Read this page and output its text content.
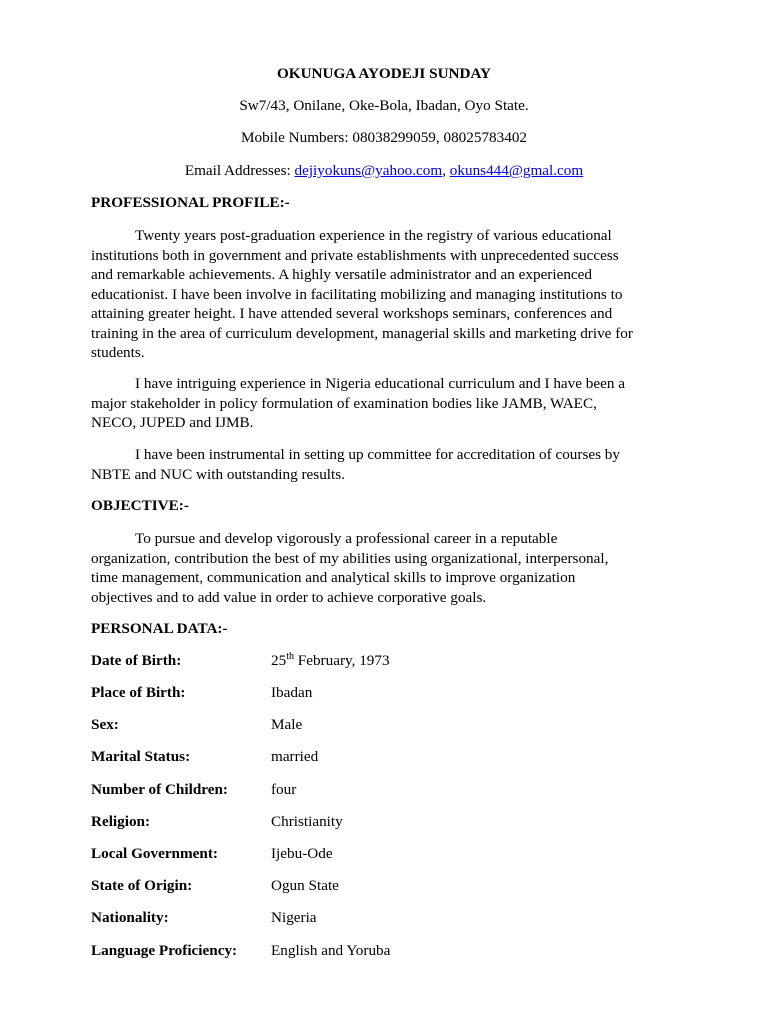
OKUNUGA AYODEJI SUNDAY
Sw7/43, Onilane, Oke-Bola, Ibadan, Oyo State.
Mobile Numbers: 08038299059, 08025783402
Email Addresses: dejiyokuns@yahoo.com, okuns444@gmal.com
PROFESSIONAL PROFILE:-
Twenty years post-graduation experience in the registry of various educational
institutions both in government and private establishments with unprecedented success
and remarkable achievements. A highly versatile administrator and an experienced
educationist. I have been involve in facilitating mobilizing and managing institutions to
attaining greater height. I have attended several workshops seminars, conferences and
training in the area of curriculum development, managerial skills and marketing drive for
students.
I have intriguing experience in Nigeria educational curriculum and I have been a
major stakeholder in policy formulation of examination bodies like JAMB, WAEC,
NECO, JUPED and IJMB.
I have been instrumental in setting up committee for accreditation of courses by
NBTE and NUC with outstanding results.
OBJECTIVE:-
To pursue and develop vigorously a professional career in a reputable
organization, contribution the best of my abilities using organizational, interpersonal,
time management, communication and analytical skills to improve organization
objectives and to add value in order to achieve corporative goals.
PERSONAL DATA:-
Date of Birth:	25th February, 1973
Place of Birth:	Ibadan
Sex:	Male
Marital Status:	married
Number of Children:	four
Religion:	Christianity
Local Government:	Ijebu-Ode
State of Origin:	Ogun State
Nationality:	Nigeria
Language Proficiency: English and Yoruba
